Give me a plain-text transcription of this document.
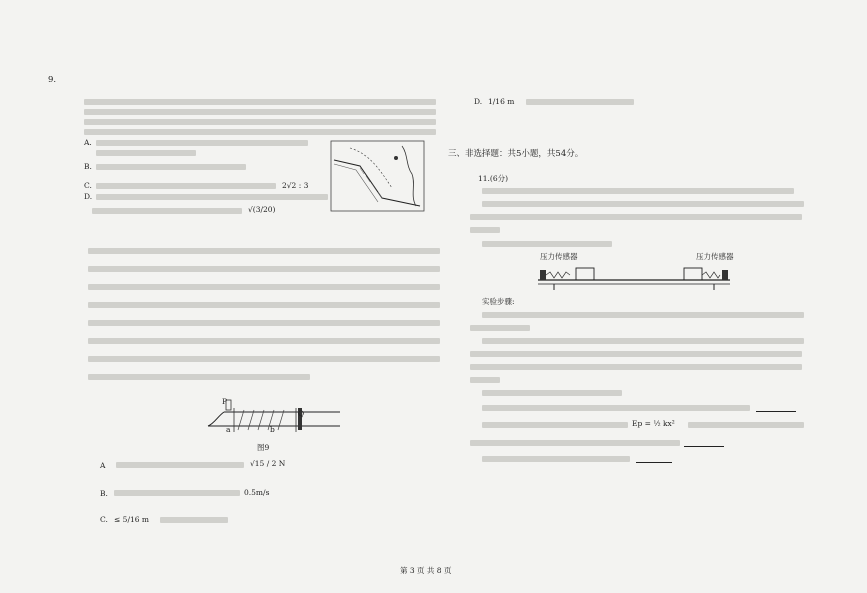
9.
A.
B.
C.	2√2 : 3
D.
√(3/20)
P
Q
a	b
图9
A	√15 / 2 N
B.	0.5m/s
C. ≤ 5/16 m
D. 1/16 m
三、非选择题：共5小题，共54分。
11.(6分)
压力传感器	压力传感器
实验步骤:
Ep = ½ kx²
第 3 页 共 8 页
